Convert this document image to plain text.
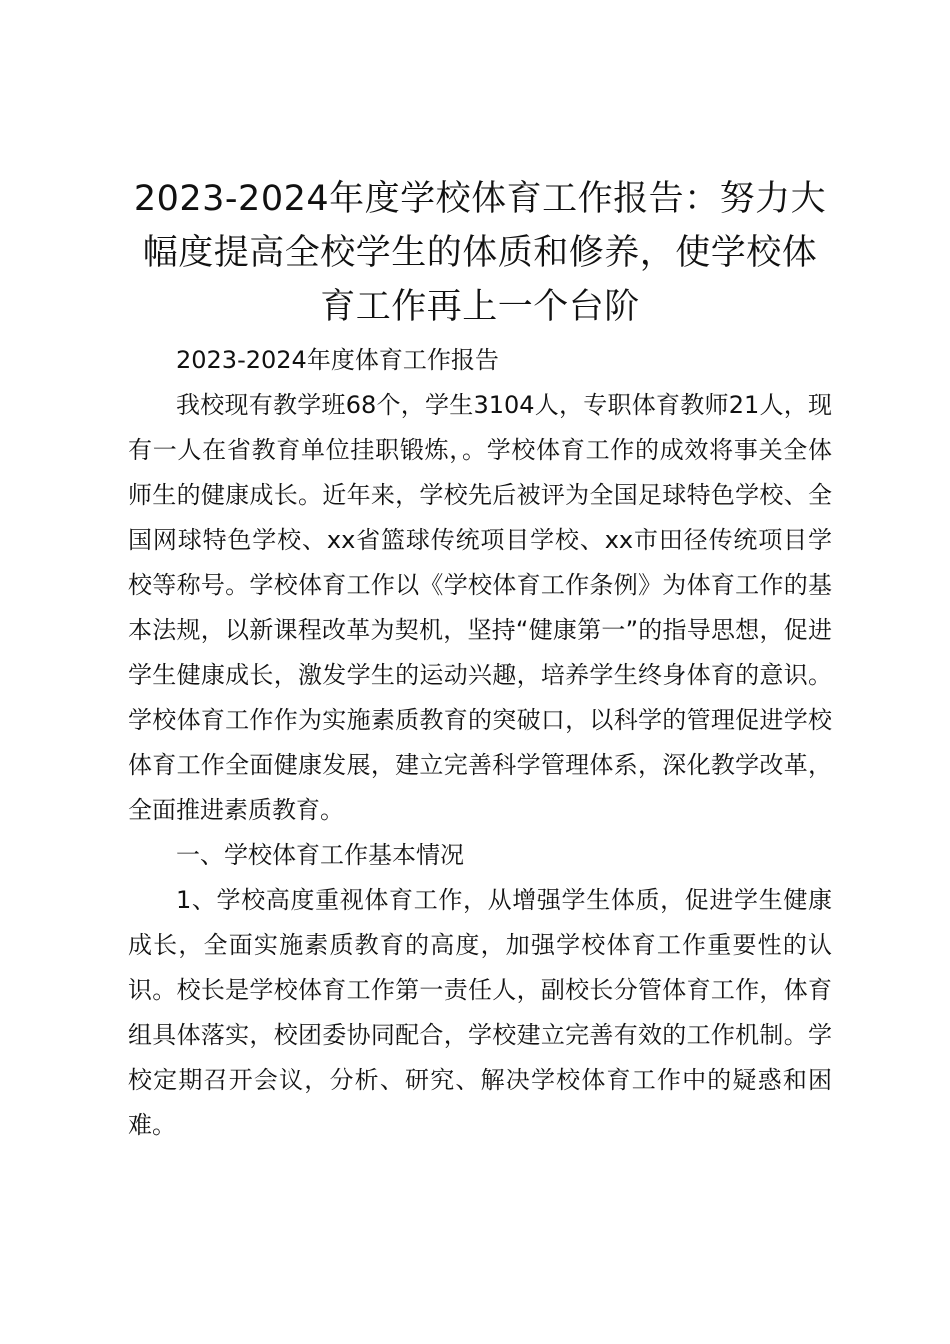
2023-2024年度学校体育工作报告：努力大幅度提高全校学生的体质和修养，使学校体育工作再上一个台阶

2023-2024年度体育工作报告

我校现有教学班68个，学生3104人，专职体育教师21人，现有一人在省教育单位挂职锻炼，。学校体育工作的成效将事关全体师生的健康成长。近年来，学校先后被评为全国足球特色学校、全国网球特色学校、xx省篮球传统项目学校、xx市田径传统项目学校等称号。学校体育工作以《学校体育工作条例》为体育工作的基本法规，以新课程改革为契机，坚持“健康第一”的指导思想，促进学生健康成长，激发学生的运动兴趣，培养学生终身体育的意识。学校体育工作作为实施素质教育的突破口，以科学的管理促进学校体育工作全面健康发展，建立完善科学管理体系，深化教学改革，全面推进素质教育。

一、学校体育工作基本情况

1、学校高度重视体育工作，从增强学生体质，促进学生健康成长，全面实施素质教育的高度，加强学校体育工作重要性的认识。校长是学校体育工作第一责任人，副校长分管体育工作，体育组具体落实，校团委协同配合，学校建立完善有效的工作机制。学校定期召开会议，分析、研究、解决学校体育工作中的疑惑和困难。
